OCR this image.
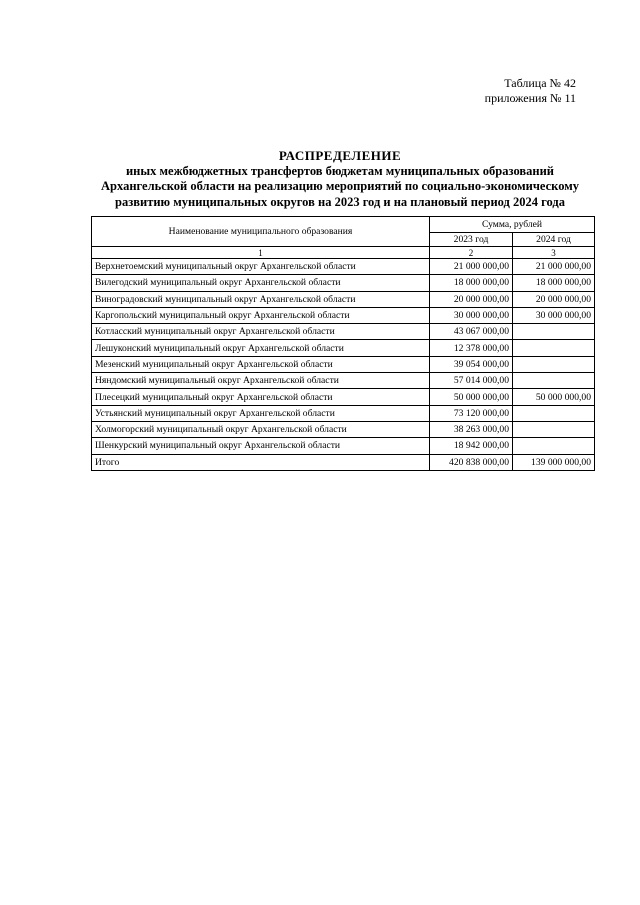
Таблица № 42
приложения № 11
РАСПРЕДЕЛЕНИЕ
иных межбюджетных трансфертов бюджетам муниципальных образований
Архангельской области на реализацию мероприятий по социально-экономическому
развитию муниципальных округов на 2023 год и на плановый период 2024 года
Наименование муниципального образования	Сумма, рублей	
	2023 год	2024 год
1	2	3
Верхнетоемский муниципальный округ Архангельской области	21 000 000,00	21 000 000,00
Вилегодский муниципальный округ Архангельской области	18 000 000,00	18 000 000,00
Виноградовский муниципальный округ Архангельской области	20 000 000,00	20 000 000,00
Каргопольский муниципальный округ Архангельской области	30 000 000,00	30 000 000,00
Котласский муниципальный округ Архангельской области	43 067 000,00	
Лешуконский муниципальный округ Архангельской области	12 378 000,00	
Мезенский муниципальный округ Архангельской области	39 054 000,00	
Няндомский муниципальный округ Архангельской области	57 014 000,00	
Плесецкий муниципальный округ Архангельской области	50 000 000,00	50 000 000,00
Устьянский муниципальный округ Архангельской области	73 120 000,00	
Холмогорский муниципальный округ Архангельской области	38 263 000,00	
Шенкурский муниципальный округ Архангельской области	18 942 000,00	
Итого	420 838 000,00	139 000 000,00
